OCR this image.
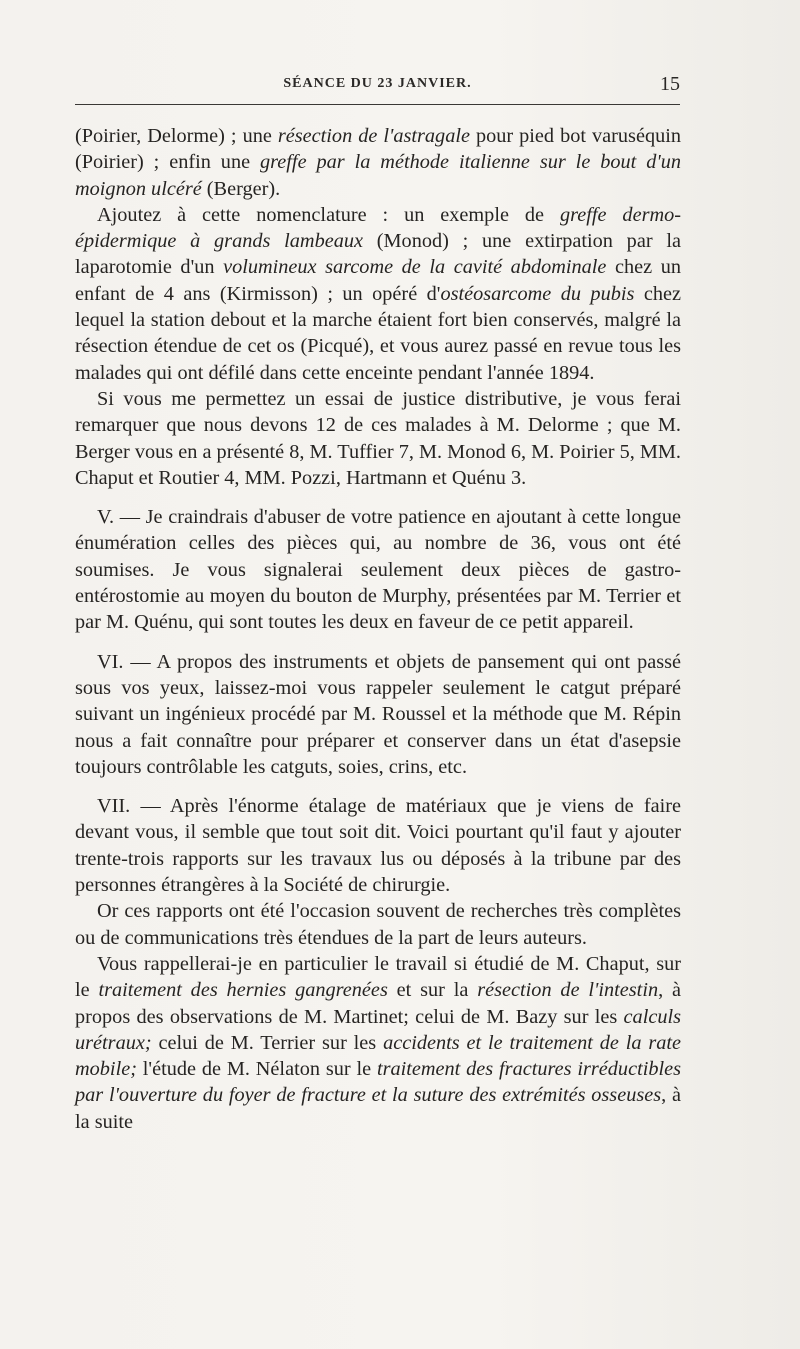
SÉANCE DU 23 JANVIER.	15

(Poirier, Delorme) ; une résection de l'astragale pour pied bot varuséquin (Poirier) ; enfin une greffe par la méthode italienne sur le bout d'un moignon ulcéré (Berger).

Ajoutez à cette nomenclature : un exemple de greffe dermo-épidermique à grands lambeaux (Monod) ; une extirpation par la laparotomie d'un volumineux sarcome de la cavité abdominale chez un enfant de 4 ans (Kirmisson) ; un opéré d'ostéosarcome du pubis chez lequel la station debout et la marche étaient fort bien conservés, malgré la résection étendue de cet os (Picqué), et vous aurez passé en revue tous les malades qui ont défilé dans cette enceinte pendant l'année 1894.

Si vous me permettez un essai de justice distributive, je vous ferai remarquer que nous devons 12 de ces malades à M. Delorme ; que M. Berger vous en a présenté 8, M. Tuffier 7, M. Monod 6, M. Poirier 5, MM. Chaput et Routier 4, MM. Pozzi, Hartmann et Quénu 3.

V. — Je craindrais d'abuser de votre patience en ajoutant à cette longue énumération celles des pièces qui, au nombre de 36, vous ont été soumises. Je vous signalerai seulement deux pièces de gastro-entérostomie au moyen du bouton de Murphy, présentées par M. Terrier et par M. Quénu, qui sont toutes les deux en faveur de ce petit appareil.

VI. — A propos des instruments et objets de pansement qui ont passé sous vos yeux, laissez-moi vous rappeler seulement le catgut préparé suivant un ingénieux procédé par M. Roussel et la méthode que M. Répin nous a fait connaître pour préparer et conserver dans un état d'asepsie toujours contrôlable les catguts, soies, crins, etc.

VII. — Après l'énorme étalage de matériaux que je viens de faire devant vous, il semble que tout soit dit. Voici pourtant qu'il faut y ajouter trente-trois rapports sur les travaux lus ou déposés à la tribune par des personnes étrangères à la Société de chirurgie.

Or ces rapports ont été l'occasion souvent de recherches très complètes ou de communications très étendues de la part de leurs auteurs.

Vous rappellerai-je en particulier le travail si étudié de M. Chaput, sur le traitement des hernies gangrenées et sur la résection de l'intestin, à propos des observations de M. Martinet; celui de M. Bazy sur les calculs urétraux; celui de M. Terrier sur les accidents et le traitement de la rate mobile; l'étude de M. Nélaton sur le traitement des fractures irréductibles par l'ouverture du foyer de fracture et la suture des extrémités osseuses, à la suite
